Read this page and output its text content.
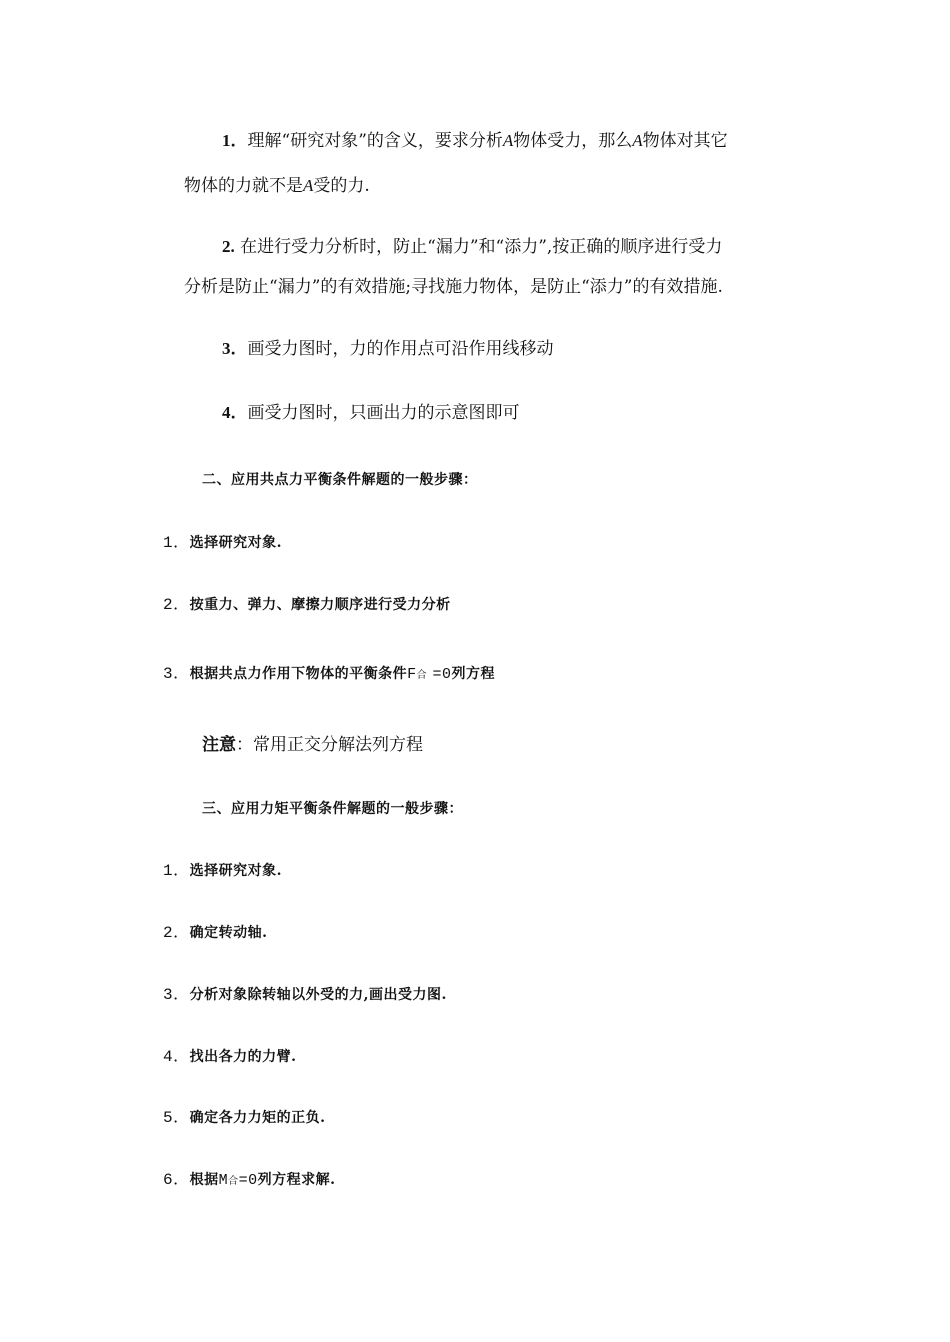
1．理解“研究对象”的含义，要求分析A物体受力，那么A物体对其它
物体的力就不是A受的力.
2. 在进行受力分析时，防止“漏力”和“添力”,按正确的顺序进行受力
分析是防止“漏力”的有效措施;寻找施力物体，是防止“添力”的有效措施.
3．画受力图时，力的作用点可沿作用线移动
4．画受力图时，只画出力的示意图即可
二、应用共点力平衡条件解题的一般步骤：
1．选择研究对象.
2．按重力、弹力、摩擦力顺序进行受力分析
3．根据共点力作用下物体的平衡条件F合 =0列方程
注意：常用正交分解法列方程
三、应用力矩平衡条件解题的一般步骤：
1．选择研究对象.
2．确定转动轴.
3．分析对象除转轴以外受的力,画出受力图.
4．找出各力的力臂.
5．确定各力力矩的正负.
6．根据M合=0列方程求解.
